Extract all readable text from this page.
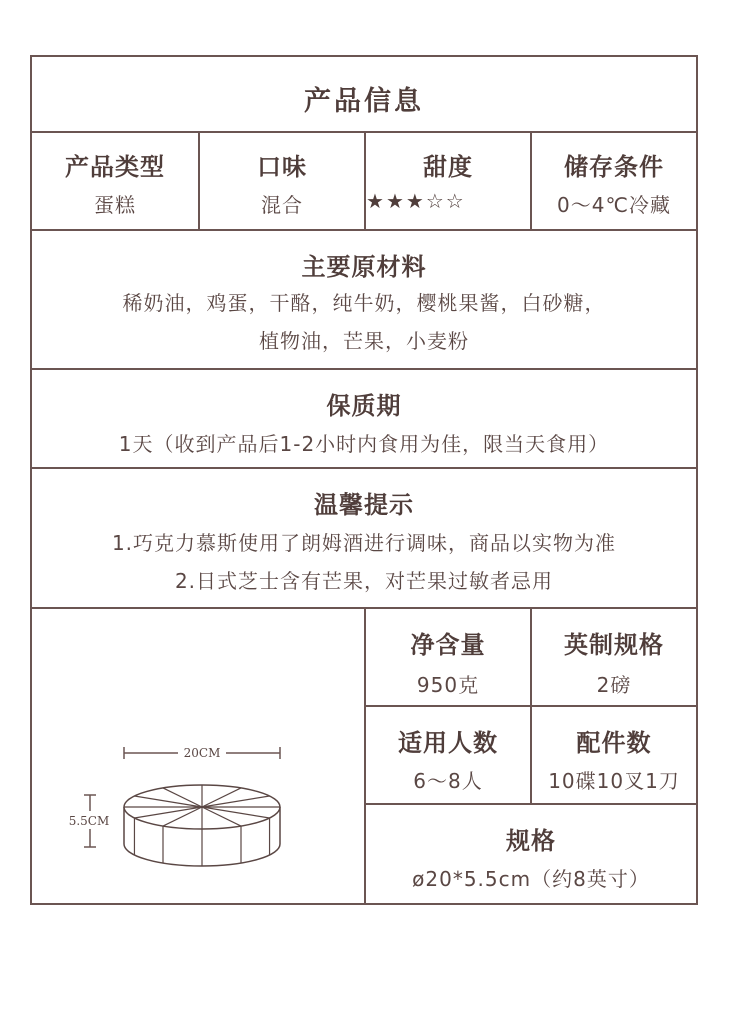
产品信息
产品类型
蛋糕
口味
混合
甜度
★★★☆☆
储存条件
0～4℃冷藏
主要原材料
稀奶油，鸡蛋，干酪，纯牛奶，樱桃果酱，白砂糖，
植物油，芒果，小麦粉
保质期
1天（收到产品后1-2小时内食用为佳，限当天食用）
温馨提示
1.巧克力慕斯使用了朗姆酒进行调味，商品以实物为准
2.日式芝士含有芒果，对芒果过敏者忌用
20CM
5.5CM
净含量
950克
英制规格
2磅
适用人数
6～8人
配件数
10碟10叉1刀
规格
ø20*5.5cm（约8英寸）
